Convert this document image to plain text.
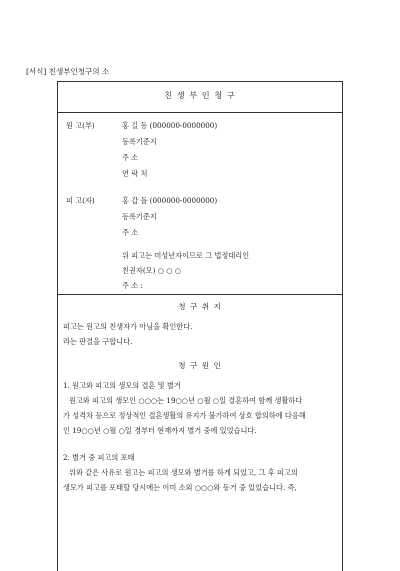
[서식] 친생부인청구의 소
친 생 부 인 청 구
원 고(부)	홍 길 동 (000000-0000000)
등록기준지
주 소
연 락 처
피 고(자)	홍 갑 돌 (000000-0000000)
등록기준지
주 소
위 피고는 미성년자이므로 그 법정대리인
친권자(모) ○ ○ ○
주 소 :
청 구 취 지
피고는 원고의 친생자가 아님을 확인한다.
라는 판결을 구합니다.
청 구 원 인
1. 원고와 피고의 생모의 결혼 및 별거
원고와 피고의 생모인 ○○○는 19○○년 ○월 ○일 결혼하여 함께 생활하다
가 성격차 등으로 정상적인 결혼생활의 유지가 불가하여 상호 합의하에 다음해
인 19○○년 ○월 ○일 경부터 현재까지 별거 중에 있었습니다.
2. 별거 중 피고의 포태
위와 같은 사유로 원고는 피고의 생모와 별거를 하게 되었고, 그 후 피고의
생모가 피고를 포태할 당시에는 이미 소외 ○○○와 동거 중 있었습니다. 즉,
